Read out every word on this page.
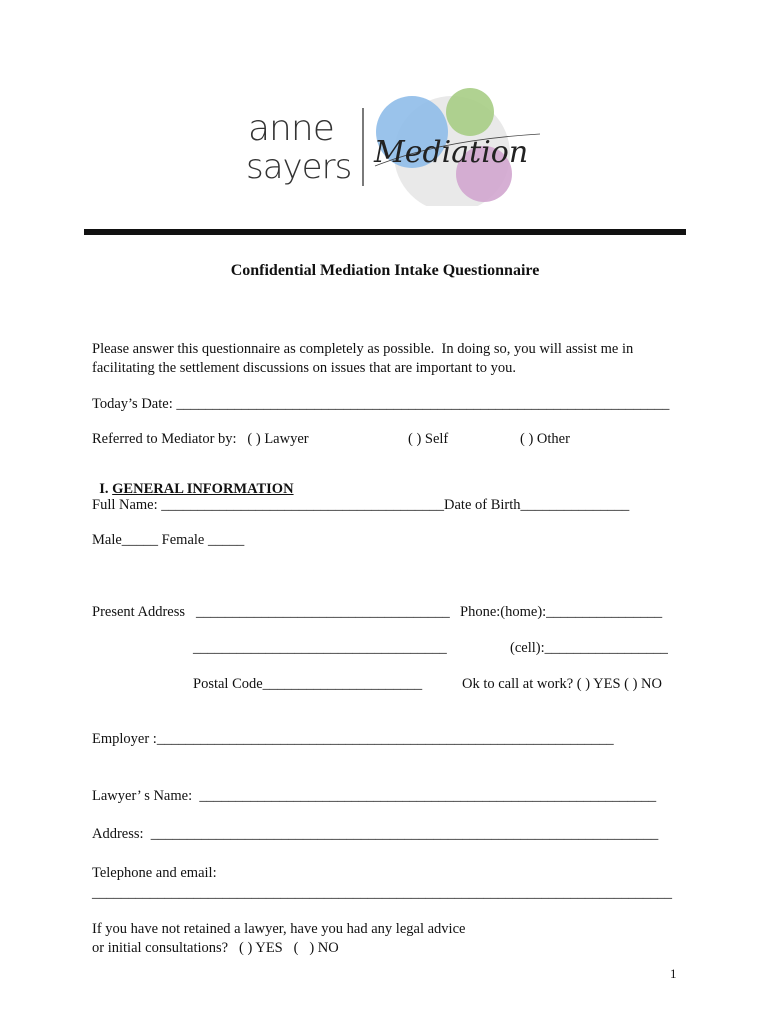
anne
sayers Mediation
Confidential Mediation Intake Questionnaire
Please answer this questionnaire as completely as possible.  In doing so, you will assist me in
facilitating the settlement discussions on issues that are important to you.
Today’s Date: ____________________________________________________________________
Referred to Mediator by:   ( ) Lawyer	( ) Self	( ) Other

I. GENERAL INFORMATION

Full Name: _______________________________________Date of Birth_______________
Male_____ Female _____
Present Address ___________________________________ Phone:(home):________________
___________________________________	(cell):_________________
Postal Code______________________	Ok to call at work? ( ) YES ( ) NO
Employer :_______________________________________________________________
Lawyer’ s Name:  _______________________________________________________________
Address:  ______________________________________________________________________
Telephone and email:
________________________________________________________________________________
If you have not retained a lawyer, have you had any legal advice
or initial consultations?   ( ) YES   (   ) NO
1
